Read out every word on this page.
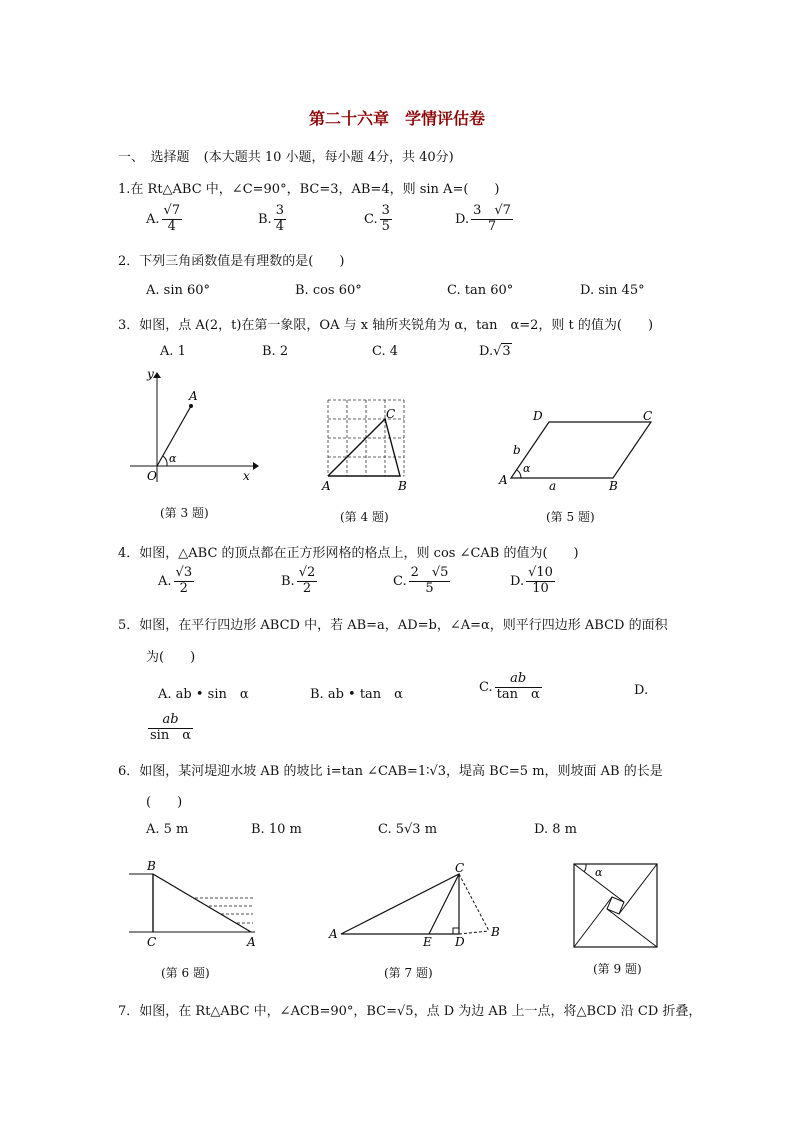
第二十六章　学情评估卷
一、　选择题 (本大题共 10 小题，每小题 4分，共 40分)
1.在 Rt△ABC 中，∠C=90°，BC=3，AB=4，则 sin A=(　　)
A. $\frac{√7}{4}$	B. $\frac{3}{4}$	C. $\frac{3}{5}$	D. $\frac{3 √7}{7}$
2．下列三角函数值是有理数的是(　　)
A. sin 60°	B. cos 60°	C. tan 60°	D. sin 45°
3．如图，点 A(2，t)在第一象限，OA 与 x 轴所夹锐角为 α，tan　α=2，则 t 的值为(　　)
A. 1	B. 2	C. 4	D.√3
y
x
O
α
A
(第 3 题)
A	B
C
(第 4 题)
A	B
C
D
b
a
α
(第 5 题)
4．如图，△ABC 的顶点都在正方形网格的格点上，则 cos ∠CAB 的值为(　　)
A. $\frac{√3}{2}$	B. $\frac{√2}{2}$	C. $\frac{2 √5}{5}$	D. $\frac{√10}{10}$
5．如图，在平行四边形 ABCD 中，若 AB=a，AD=b，∠A=α，则平行四边形 ABCD 的面积
为(　　)
A. ab • sin　α	B. ab • tan　α	C. $\frac{ab}{\text{tan　α}}$	D.
$\frac{ab}{\text{sin　α}}$
6．如图，某河堤迎水坡 AB 的坡比 i=tan ∠CAB=1∶√3，堤高 BC=5 m，则坡面 AB 的长是
(　　)
A. 5 m	B. 10 m	C. 5√3 m	D. 8 m
B
C	A
(第 6 题)
A
E D
B
C
(第 7 题)
α
(第 9 题)
7．如图，在 Rt△ABC 中，∠ACB=90°，BC=√5，点 D 为边 AB 上一点，将△BCD 沿 CD 折叠，
